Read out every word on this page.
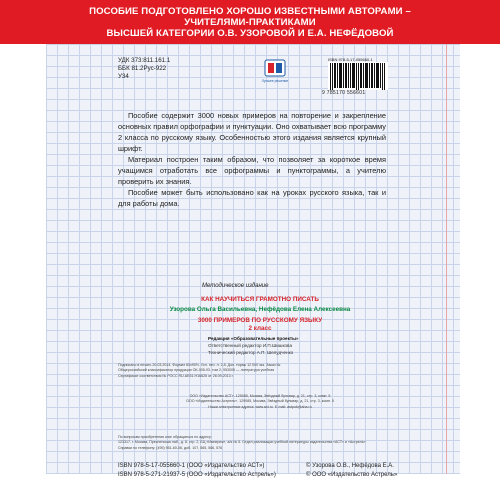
ПОСОБИЕ ПОДГОТОВЛЕНО ХОРОШО ИЗВЕСТНЫМИ АВТОРАМИ – УЧИТЕЛЯМИ-ПРАКТИКАМИ
ВЫСШЕЙ КАТЕГОРИИ О.В. УЗОРОВОЙ И Е.А. НЕФЁДОВОЙ
УДК 373:811.161.1
ББК 81.2Рус-922
У34
Лучшее решение
ISBN 978-5-17-055660-1
9 785170 556601
Пособие содержит 3000 новых примеров на повторение и закрепление основных правил орфографии и пунктуации. Оно охватывает всю программу 2 класса по русскому языку. Особенностью этого издания является крупный шрифт.
Материал построен таким образом, что позволяет за короткое время учащимся отработать все орфограммы и пунктограммы, а учителю проверить их знания.
Пособие может быть использовано как на уроках русского языка, так и для работы дома.
Методическое издание
КАК НАУЧИТЬСЯ ГРАМОТНО ПИСАТЬ
Узорова Ольга Васильевна, Нефёдова Елена Алексеевна
3000 ПРИМЕРОВ ПО РУССКОМУ ЯЗЫКУ
2 класс
Редакция «Образовательные проекты»
Ответственный редактор И.П.Шишкова
Технический редактор А.П. Шелудченко
Подписано в печать 20.03.2014. Формат 60х90⅛. Усл. печ. л. 2,8. Доп. тираж 12 000 экз. Заказ №
Общероссийский классификатор продукции ОК-005-93, том 2; 953005 — литература учебная
Сертификат соответствия № РОСС RU.АЕ51.Н16626 от 26.09.2013 г.
ООО «Издательство АСТ». 129085, Москва, Звёздный бульвар, д. 21, стр. 3, комн. 5
ООО «Издательство Астрель». 129085, Москва, Звёздный бульвар, д. 21, стр. 3, комн. 5
Наши электронные адреса: www.ast.ru  E-mail: astpub@aha.ru
По вопросам приобретения книг обращаться по адресу:
123317, г. Москва, Пресненская наб., д. 6, стр. 2, БЦ «Империя», а/я № 5. Отдел реализации учебной литературы издательства «АСТ» и «Астрель»
Справки по телефону: (495) 951-60-06, доб. 107, 565, 566, 576
ISBN 978-5-17-055660-1 (ООО «Издательство АСТ»)
ISBN 978-5-271-21937-5 (ООО «Издательство Астрель»)
© Узорова О.В., Нефёдова Е.А.
© ООО «Издательство Астрель»
